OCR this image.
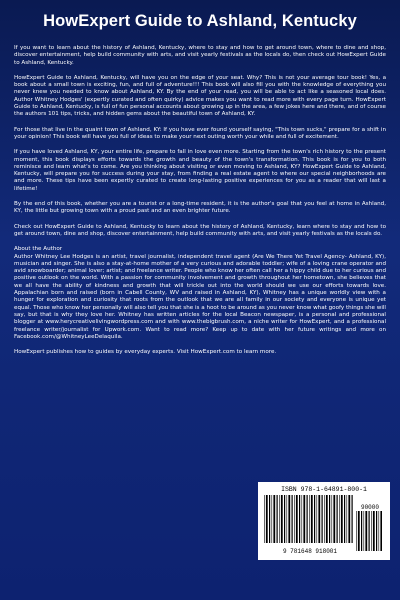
HowExpert Guide to Ashland, Kentucky

If you want to learn about the history of Ashland, Kentucky, where to stay and how to get around town, where to dine and shop, discover entertainment, help build community with arts, and visit yearly festivals as the locals do, then check out HowExpert Guide to Ashland, Kentucky.

HowExpert Guide to Ashland, Kentucky, will have you on the edge of your seat. Why? This is not your average tour book! Yes, a book about a small town is exciting, fun, and full of adventure!!! This book will also fill you with the knowledge of everything you never knew you needed to know about Ashland, KY. By the end of your read, you will be able to act like a seasoned local does. Author Whitney Hodges' (expertly curated and often quirky) advice makes you want to read more with every page turn. HowExpert Guide to Ashland, Kentucky, is full of fun personal accounts about growing up in the area, a few jokes here and there, and of course the authors 101 tips, tricks, and hidden gems about the beautiful town of Ashland, KY.

For those that live in the quaint town of Ashland, KY: If you have ever found yourself saying, "This town sucks," prepare for a shift in your opinion! This book will have you full of ideas to make your next outing worth your while and full of excitement.

If you have loved Ashland, KY, your entire life, prepare to fall in love even more. Starting from the town's rich history to the present moment, this book displays efforts towards the growth and beauty of the town's transformation. This book is for you to both reminisce and learn what's to come. Are you thinking about visiting or even moving to Ashland, KY? HowExpert Guide to Ashland, Kentucky, will prepare you for success during your stay, from finding a real estate agent to where our special neighborhoods are and more. These tips have been expertly curated to create long-lasting positive experiences for you as a reader that will last a lifetime!

By the end of this book, whether you are a tourist or a long-time resident, it is the author's goal that you feel at home in Ashland, KY, the little but growing town with a proud past and an even brighter future.

Check out HowExpert Guide to Ashland, Kentucky to learn about the history of Ashland, Kentucky, learn where to stay and how to get around town, dine and shop, discover entertainment, help build community with arts, and visit yearly festivals as the locals do.

About the Author
Author Whitney Lee Hodges is an artist, travel journalist, independent travel agent (Are We There Yet Travel Agency- Ashland, KY), musician and singer. She is also a stay-at-home mother of a very curious and adorable toddler; wife of a loving crane operator and avid snowboarder; animal lover; artist; and freelance writer. People who know her often call her a hippy child due to her curious and positive outlook on the world. With a passion for community involvement and growth throughout her hometown, she believes that we all have the ability of kindness and growth that will trickle out into the world should we use our efforts towards love. Appalachian born and raised (born in Cabell County, WV and raised in Ashland, KY), Whitney has a unique worldly view with a hunger for exploration and curiosity that roots from the outlook that we are all family in our society and everyone is unique yet equal. Those who know her personally will also tell you that she is a hoot to be around as you never know what goofy things she will say, but that is why they love her. Whitney has written articles for the local Beacon newspaper, is a personal and professional blogger at www.herycreativelivingwordpress.com and with www.thebigbrush.com, a niche writer for HowExpert, and a professional freelance writer/journalist for Upwork.com. Want to read more? Keep up to date with her future writings and more on Facebook.com/@WhitneyLeeDelaquila.

HowExpert publishes how to guides by everyday experts. Visit HowExpert.com to learn more.

ISBN 978-1-64891-800-1
9 781648 918001
90000
